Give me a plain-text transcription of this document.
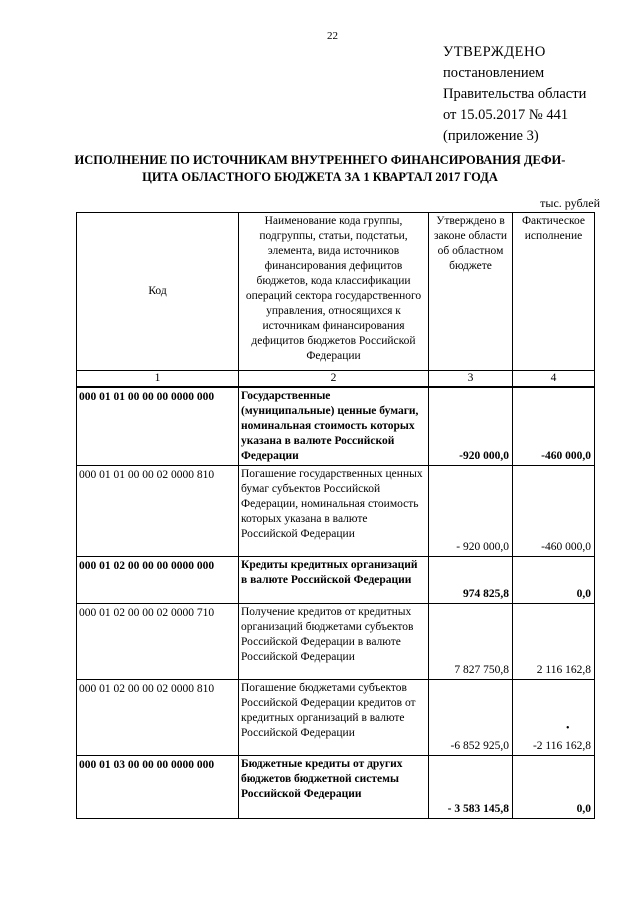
22
УТВЕРЖДЕНО
постановлением
Правительства области
от 15.05.2017 № 441
(приложение 3)
ИСПОЛНЕНИЕ ПО ИСТОЧНИКАМ ВНУТРЕННЕГО ФИНАНСИРОВАНИЯ ДЕФИ-
ЦИТА ОБЛАСТНОГО БЮДЖЕТА ЗА 1 КВАРТАЛ 2017 ГОДА
тыс. рублей
Код	Наименование кода группы, подгруппы, статьи, подстатьи, элемента, вида источников финансирования дефицитов бюджетов, кода классификации операций сектора государственного управления, относящихся к источникам финансирования дефицитов бюджетов Российской Федерации	Утверждено в законе области об областном бюджете	Фактическое исполнение
1	2	3	4
000 01 01 00 00 00 0000 000	Государственные (муниципальные) ценные бумаги, номинальная стоимость которых указана в валюте Российской Федерации	-920 000,0	-460 000,0
000 01 01 00 00 02 0000 810	Погашение государственных ценных бумаг субъектов Российской Федерации, номинальная стоимость которых указана в валюте Российской Федерации	- 920 000,0	-460 000,0
000 01 02 00 00 00 0000 000	Кредиты кредитных организаций в валюте Российской Федерации	974 825,8	0,0
000 01 02 00 00 02 0000 710	Получение кредитов от кредитных организаций бюджетами субъектов Российской Федерации в валюте Российской Федерации	7 827 750,8	2 116 162,8
000 01 02 00 00 02 0000 810	Погашение бюджетами субъектов Российской Федерации кредитов от кредитных организаций в валюте Российской Федерации	-6 852 925,0	-2 116 162,8
000 01 03 00 00 00 0000 000	Бюджетные кредиты от других бюджетов бюджетной системы Российской Федерации	- 3 583 145,8	0,0
•
